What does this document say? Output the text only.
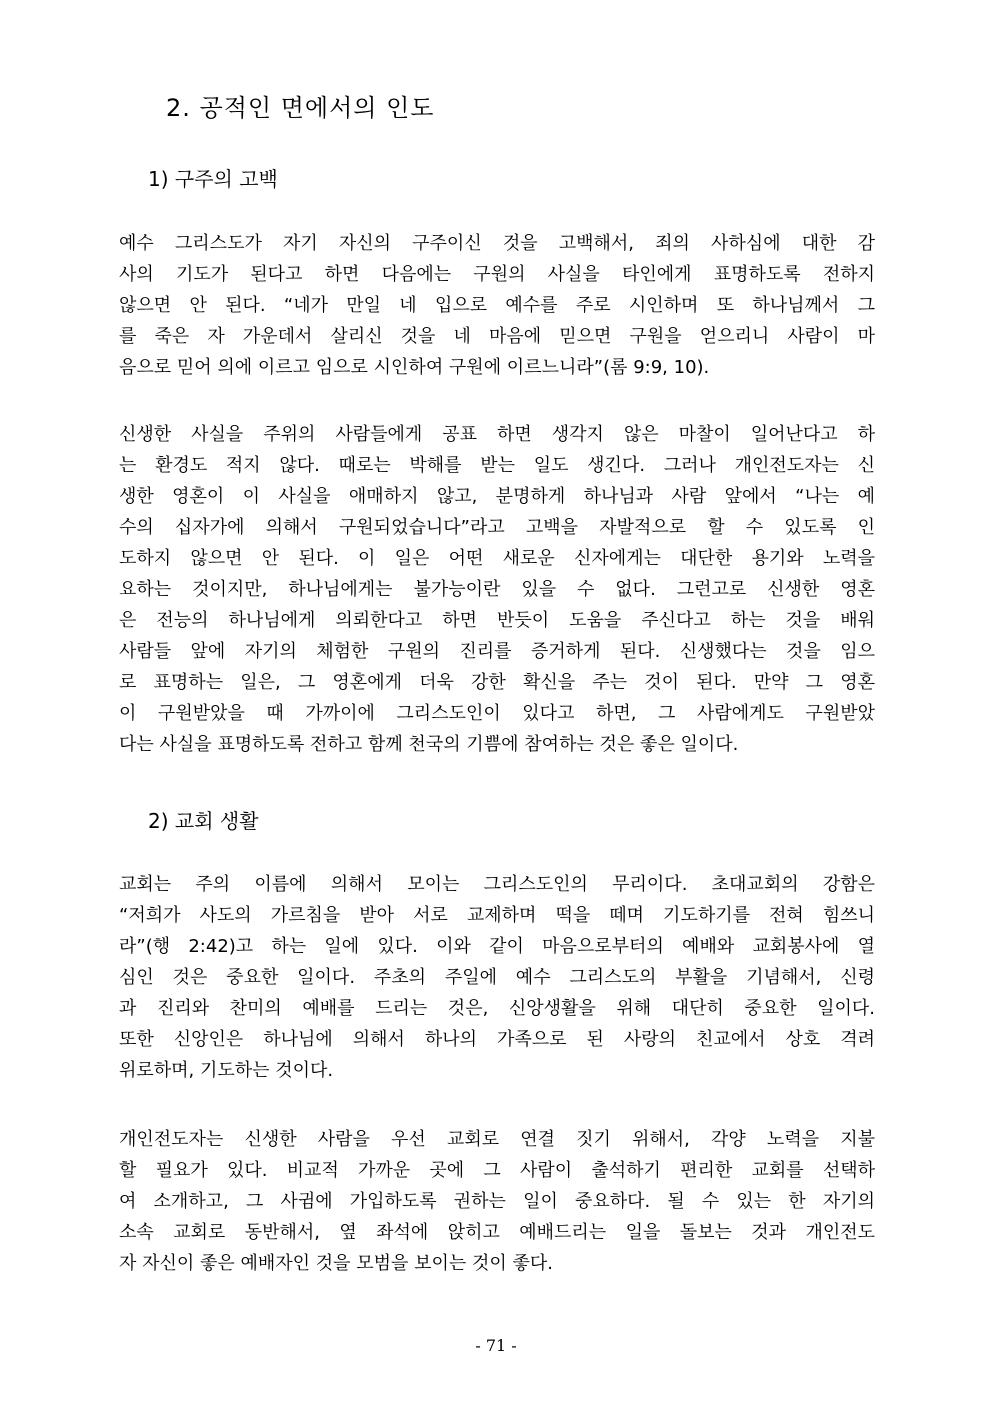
2. 공적인 면에서의 인도
1) 구주의 고백
예수 그리스도가 자기 자신의 구주이신 것을 고백해서, 죄의 사하심에 대한 감
사의 기도가 된다고 하면 다음에는 구원의 사실을 타인에게 표명하도록 전하지
않으면 안 된다. “네가 만일 네 입으로 예수를 주로 시인하며 또 하나님께서 그
를 죽은 자 가운데서 살리신 것을 네 마음에 믿으면 구원을 얻으리니 사람이 마
음으로 믿어 의에 이르고 임으로 시인하여 구원에 이르느니라”(롬 9:9, 10).
신생한 사실을 주위의 사람들에게 공표 하면 생각지 않은 마찰이 일어난다고 하
는 환경도 적지 않다. 때로는 박해를 받는 일도 생긴다. 그러나 개인전도자는 신
생한 영혼이 이 사실을 애매하지 않고, 분명하게 하나님과 사람 앞에서 “나는 예
수의 십자가에 의해서 구원되었습니다”라고 고백을 자발적으로 할 수 있도록 인
도하지 않으면 안 된다. 이 일은 어떤 새로운 신자에게는 대단한 용기와 노력을
요하는 것이지만, 하나님에게는 불가능이란 있을 수 없다. 그런고로 신생한 영혼
은 전능의 하나님에게 의뢰한다고 하면 반듯이 도움을 주신다고 하는 것을 배워
사람들 앞에 자기의 체험한 구원의 진리를 증거하게 된다. 신생했다는 것을 임으
로 표명하는 일은, 그 영혼에게 더욱 강한 확신을 주는 것이 된다. 만약 그 영혼
이 구원받았을 때 가까이에 그리스도인이 있다고 하면, 그 사람에게도 구원받았
다는 사실을 표명하도록 전하고 함께 천국의 기쁨에 참여하는 것은 좋은 일이다.
2) 교회 생활
교회는 주의 이름에 의해서 모이는 그리스도인의 무리이다. 초대교회의 강함은
“저희가 사도의 가르침을 받아 서로 교제하며 떡을 떼며 기도하기를 전혀 힘쓰니
라”(행 2:42)고 하는 일에 있다. 이와 같이 마음으로부터의 예배와 교회봉사에 열
심인 것은 중요한 일이다. 주초의 주일에 예수 그리스도의 부활을 기념해서, 신령
과 진리와 찬미의 예배를 드리는 것은, 신앙생활을 위해 대단히 중요한 일이다.
또한 신앙인은 하나님에 의해서 하나의 가족으로 된 사랑의 친교에서 상호 격려
위로하며, 기도하는 것이다.
개인전도자는 신생한 사람을 우선 교회로 연결 짓기 위해서, 각양 노력을 지불
할 필요가 있다. 비교적 가까운 곳에 그 사람이 출석하기 편리한 교회를 선택하
여 소개하고, 그 사귐에 가입하도록 권하는 일이 중요하다. 될 수 있는 한 자기의
소속 교회로 동반해서, 옆 좌석에 앉히고 예배드리는 일을 돌보는 것과 개인전도
자 자신이 좋은 예배자인 것을 모범을 보이는 것이 좋다.
- 71 -
